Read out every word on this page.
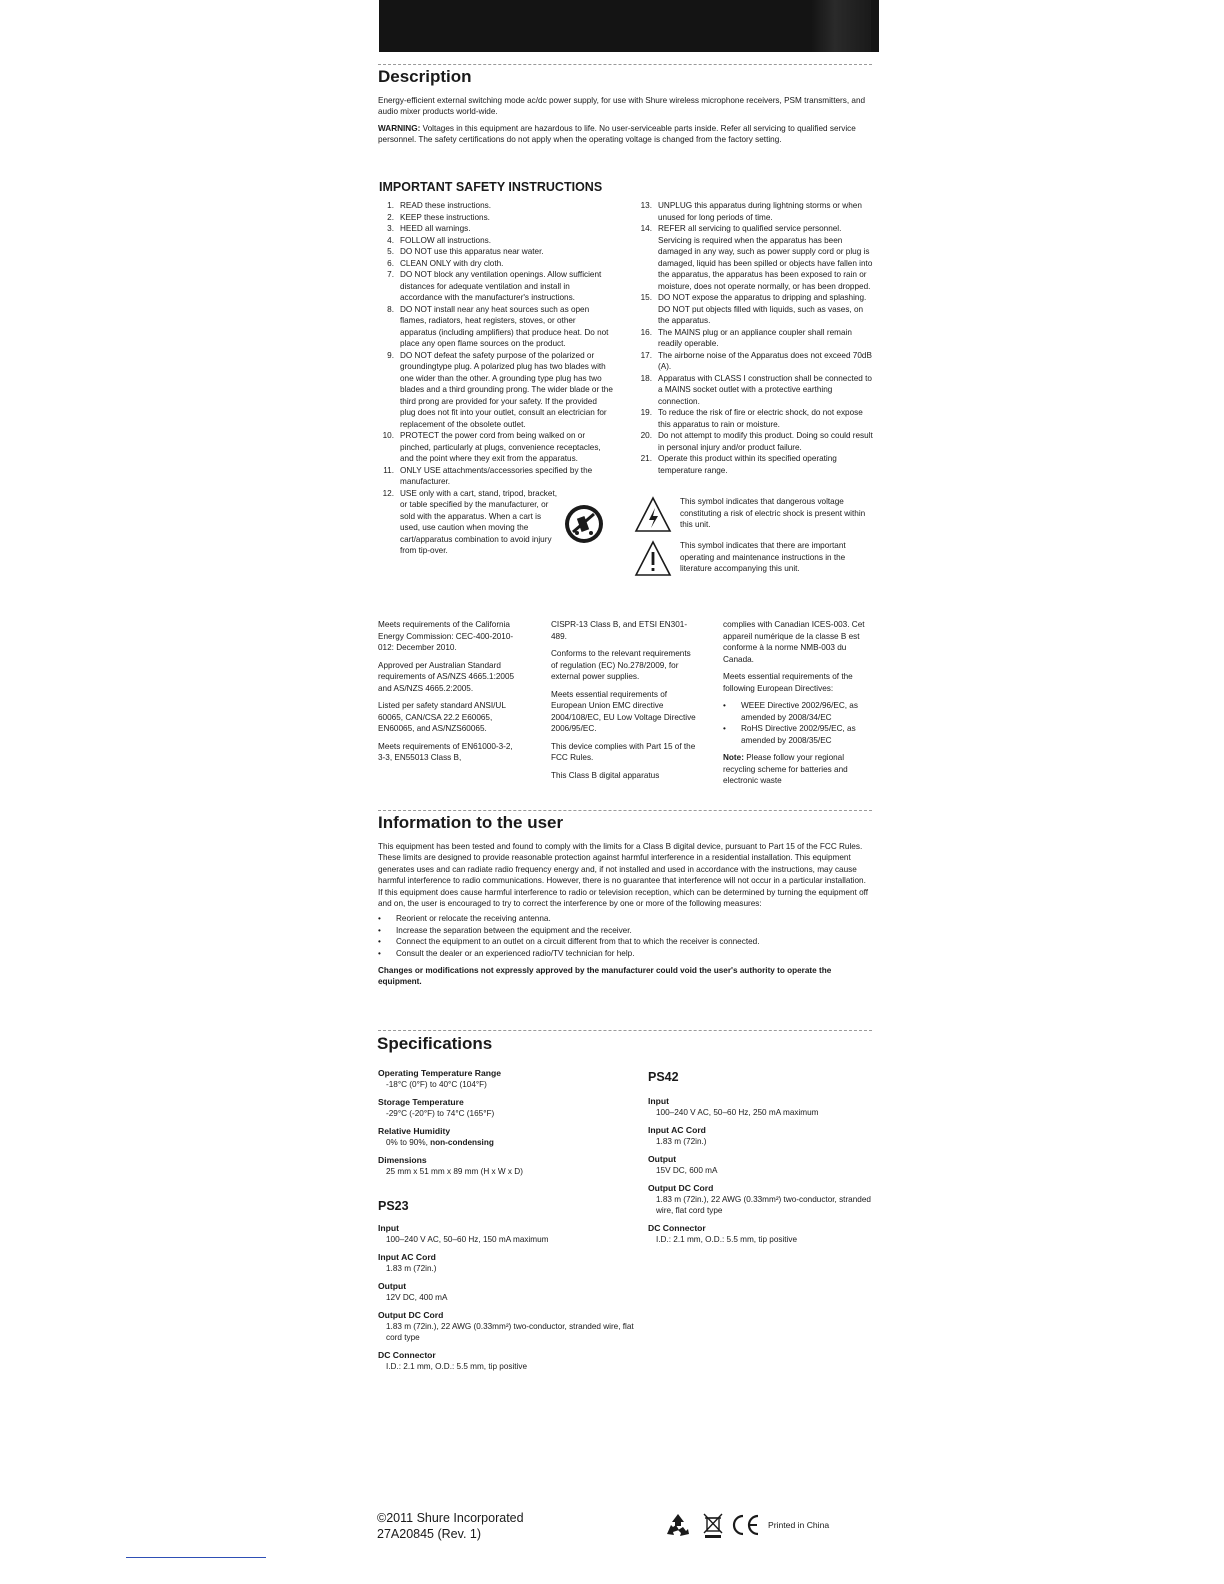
Description

Energy-efficient external switching mode ac/dc power supply, for use with Shure wireless microphone receivers, PSM transmitters, and audio mixer products world-wide.

WARNING: Voltages in this equipment are hazardous to life. No user-serviceable parts inside. Refer all servicing to qualified service personnel. The safety certifications do not apply when the operating voltage is changed from the factory setting.

IMPORTANT SAFETY INSTRUCTIONS
1. READ these instructions.
2. KEEP these instructions.
3. HEED all warnings.
4. FOLLOW all instructions.
5. DO NOT use this apparatus near water.
6. CLEAN ONLY with dry cloth.
7. DO NOT block any ventilation openings. Allow sufficient distances for adequate ventilation and install in accordance with the manufacturer's instructions.
8. DO NOT install near any heat sources such as open flames, radiators, heat registers, stoves, or other apparatus (including amplifiers) that produce heat. Do not place any open flame sources on the product.
9. DO NOT defeat the safety purpose of the polarized or groundingtype plug. A polarized plug has two blades with one wider than the other. A grounding type plug has two blades and a third grounding prong. The wider blade or the third prong are provided for your safety. If the provided plug does not fit into your outlet, consult an electrician for replacement of the obsolete outlet.
10. PROTECT the power cord from being walked on or pinched, particularly at plugs, convenience receptacles, and the point where they exit from the apparatus.
11. ONLY USE attachments/accessories specified by the manufacturer.
12. USE only with a cart, stand, tripod, bracket, or table specified by the manufacturer, or sold with the apparatus. When a cart is used, use caution when moving the cart/apparatus combination to avoid injury from tip-over.
13. UNPLUG this apparatus during lightning storms or when unused for long periods of time.
14. REFER all servicing to qualified service personnel. Servicing is required when the apparatus has been damaged in any way, such as power supply cord or plug is damaged, liquid has been spilled or objects have fallen into the apparatus, the apparatus has been exposed to rain or moisture, does not operate normally, or has been dropped.
15. DO NOT expose the apparatus to dripping and splashing. DO NOT put objects filled with liquids, such as vases, on the apparatus.
16. The MAINS plug or an appliance coupler shall remain readily operable.
17. The airborne noise of the Apparatus does not exceed 70dB (A).
18. Apparatus with CLASS I construction shall be connected to a MAINS socket outlet with a protective earthing connection.
19. To reduce the risk of fire or electric shock, do not expose this apparatus to rain or moisture.
20. Do not attempt to modify this product. Doing so could result in personal injury and/or product failure.
21. Operate this product within its specified operating temperature range.
This symbol indicates that dangerous voltage constituting a risk of electric shock is present within this unit.
This symbol indicates that there are important operating and maintenance instructions in the literature accompanying this unit.

Meets requirements of the California Energy Commission: CEC-400-2010-012: December 2010.

Approved per Australian Standard requirements of AS/NZS 4665.1:2005 and AS/NZS 4665.2:2005.

Listed per safety standard ANSI/UL 60065, CAN/CSA 22.2 E60065, EN60065, and AS/NZS60065.

Meets requirements of EN61000-3-2, 3-3, EN55013 Class B,

CISPR-13 Class B, and ETSI EN301-489.

Conforms to the relevant requirements of regulation (EC) No.278/2009, for external power supplies.

Meets essential requirements of European Union EMC directive 2004/108/EC, EU Low Voltage Directive 2006/95/EC.

This device complies with Part 15 of the FCC Rules.

This Class B digital apparatus

complies with Canadian ICES-003. Cet appareil numérique de la classe B est conforme à la norme NMB-003 du Canada.

Meets essential requirements of the following European Directives:

•	WEEE Directive 2002/96/EC, as amended by 2008/34/EC
•	RoHS Directive 2002/95/EC, as amended by 2008/35/EC

Note: Please follow your regional recycling scheme for batteries and electronic waste

Information to the user

This equipment has been tested and found to comply with the limits for a Class B digital device, pursuant to Part 15 of the FCC Rules. These limits are designed to provide reasonable protection against harmful interference in a residential installation. This equipment generates uses and can radiate radio frequency energy and, if not installed and used in accordance with the instructions, may cause harmful interference to radio communications. However, there is no guarantee that interference will not occur in a particular installation. If this equipment does cause harmful interference to radio or television reception, which can be determined by turning the equipment off and on, the user is encouraged to try to correct the interference by one or more of the following measures:

•	Reorient or relocate the receiving antenna.
•	Increase the separation between the equipment and the receiver.
•	Connect the equipment to an outlet on a circuit different from that to which the receiver is connected.
•	Consult the dealer or an experienced radio/TV technician for help.

Changes or modifications not expressly approved by the manufacturer could void the user's authority to operate the equipment.

Specifications

Operating Temperature Range

-18°C (0°F) to 40°C (104°F)

Storage Temperature

-29°C (-20°F) to 74°C (165°F)

Relative Humidity

0% to 90%, non-condensing

Dimensions

25 mm x 51 mm x 89 mm (H x W x D)

PS23

Input

100–240 V AC, 50–60 Hz, 150 mA maximum

Input AC Cord

1.83 m (72in.)

Output

12V DC, 400 mA

Output DC Cord

1.83 m (72in.), 22 AWG (0.33mm²) two-conductor, stranded wire, flat cord type

DC Connector

I.D.: 2.1 mm, O.D.: 5.5 mm, tip positive

PS42

Input

100–240 V AC, 50–60 Hz, 250 mA maximum

Input AC Cord

1.83 m (72in.)

Output

15V DC, 600 mA

Output DC Cord

1.83 m (72in.), 22 AWG (0.33mm²) two-conductor, stranded wire, flat cord type

DC Connector

I.D.: 2.1 mm, O.D.: 5.5 mm, tip positive

©2011 Shure Incorporated
27A20845 (Rev. 1)
Printed in China
